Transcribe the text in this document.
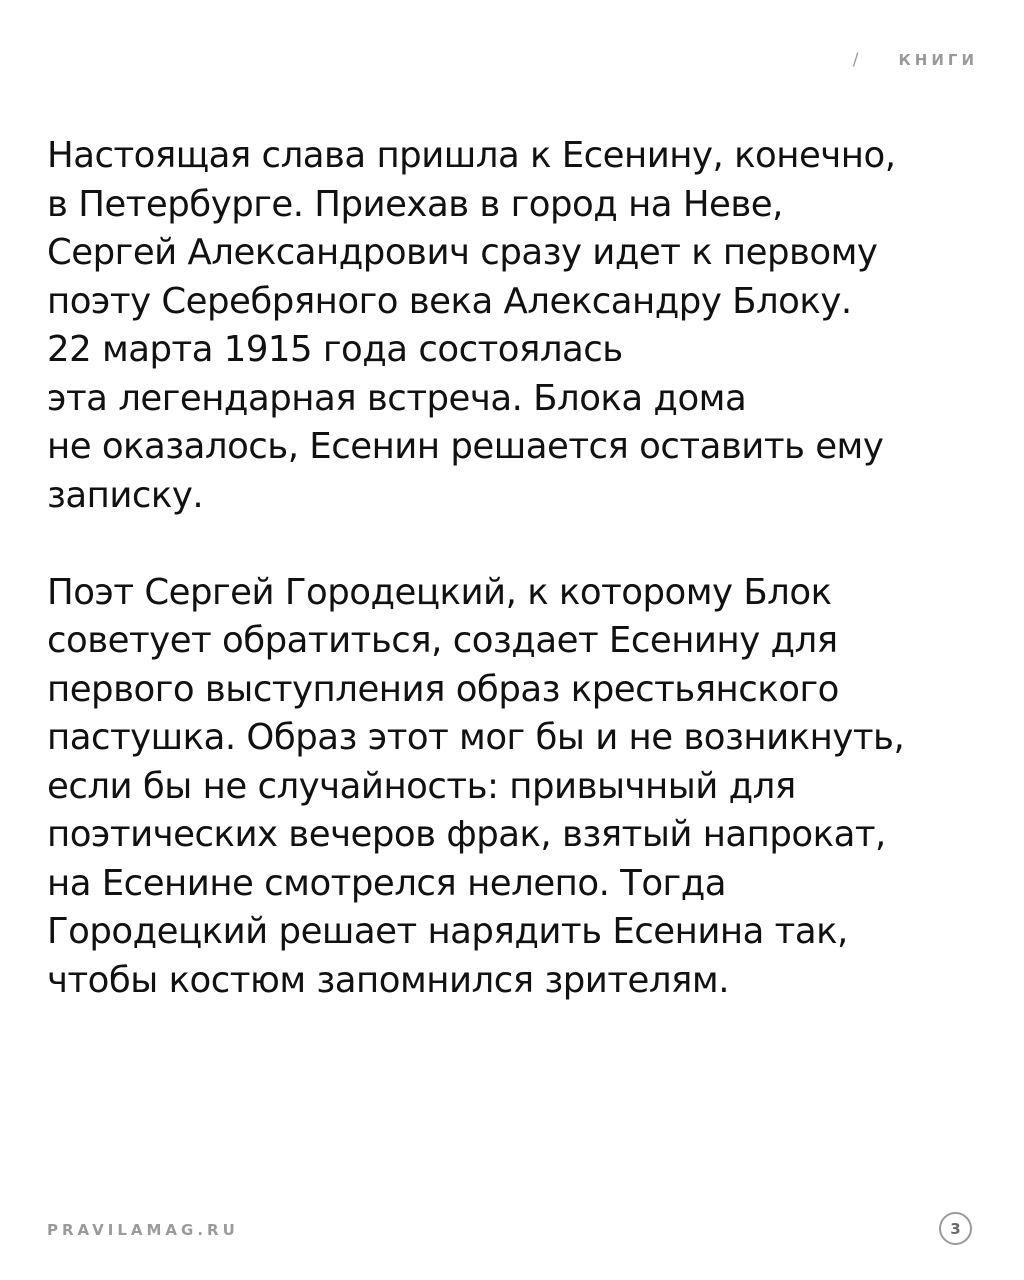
/	КНИГИ

Настоящая слава пришла к Есенину, конечно,
в Петербурге. Приехав в город на Неве,
Сергей Александрович сразу идет к первому
поэту Серебряного века Александру Блоку.
22 марта 1915 года состоялась
эта легендарная встреча. Блока дома
не оказалось, Есенин решается оставить ему
записку.

Поэт Сергей Городецкий, к которому Блок
советует обратиться, создает Есенину для
первого выступления образ крестьянского
пастушка. Образ этот мог бы и не возникнуть,
если бы не случайность: привычный для
поэтических вечеров фрак, взятый напрокат,
на Есенине смотрелся нелепо. Тогда
Городецкий решает нарядить Есенина так,
чтобы костюм запомнился зрителям.

PRAVILAMAG.RU	3
